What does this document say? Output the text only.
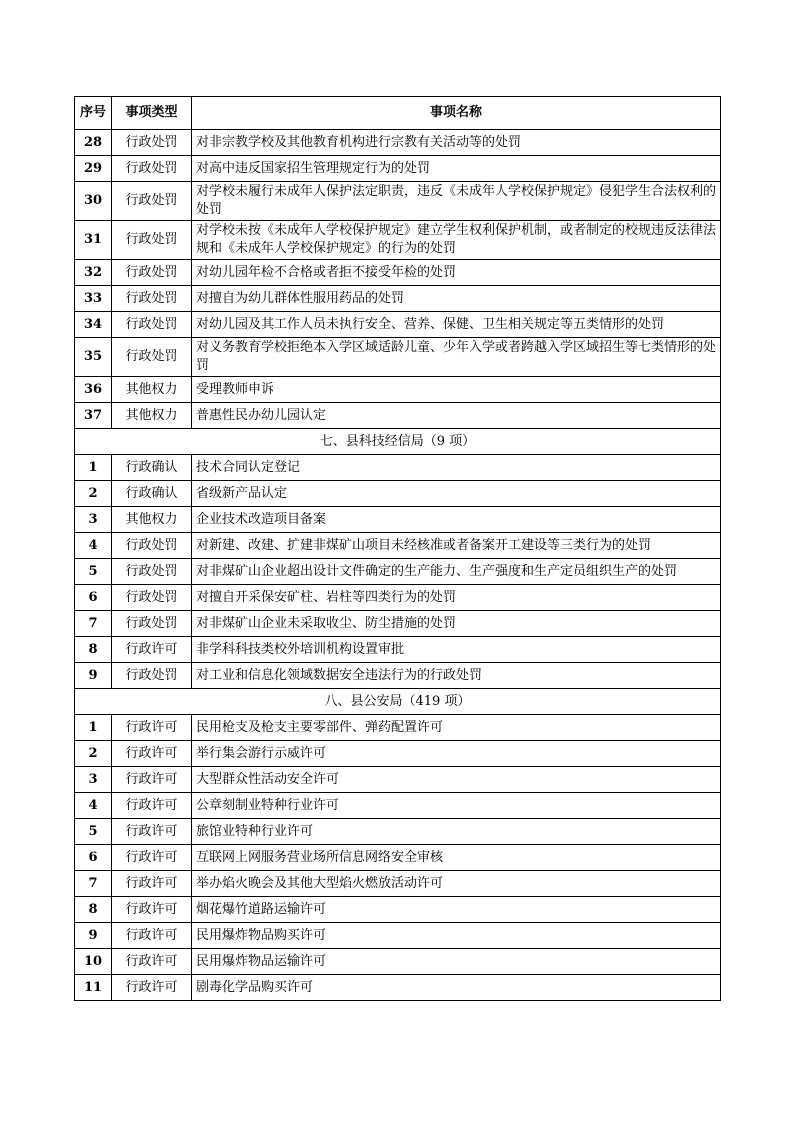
序号	事项类型	事项名称
28	行政处罚	对非宗教学校及其他教育机构进行宗教有关活动等的处罚
29	行政处罚	对高中违反国家招生管理规定行为的处罚
30	行政处罚	对学校未履行未成年人保护法定职责，违反《未成年人学校保护规定》侵犯学生合法权利的处罚
31	行政处罚	对学校未按《未成年人学校保护规定》建立学生权利保护机制，或者制定的校规违反法律法规和《未成年人学校保护规定》的行为的处罚
32	行政处罚	对幼儿园年检不合格或者拒不接受年检的处罚
33	行政处罚	对擅自为幼儿群体性服用药品的处罚
34	行政处罚	对幼儿园及其工作人员未执行安全、营养、保健、卫生相关规定等五类情形的处罚
35	行政处罚	对义务教育学校拒绝本入学区域适龄儿童、少年入学或者跨越入学区域招生等七类情形的处罚
36	其他权力	受理教师申诉
37	其他权力	普惠性民办幼儿园认定
七、县科技经信局（9 项）		
1	行政确认	技术合同认定登记
2	行政确认	省级新产品认定
3	其他权力	企业技术改造项目备案
4	行政处罚	对新建、改建、扩建非煤矿山项目未经核准或者备案开工建设等三类行为的处罚
5	行政处罚	对非煤矿山企业超出设计文件确定的生产能力、生产强度和生产定员组织生产的处罚
6	行政处罚	对擅自开采保安矿柱、岩柱等四类行为的处罚
7	行政处罚	对非煤矿山企业未采取收尘、防尘措施的处罚
8	行政许可	非学科科技类校外培训机构设置审批
9	行政处罚	对工业和信息化领域数据安全违法行为的行政处罚
八、县公安局（419 项）		
1	行政许可	民用枪支及枪支主要零部件、弹药配置许可
2	行政许可	举行集会游行示威许可
3	行政许可	大型群众性活动安全许可
4	行政许可	公章刻制业特种行业许可
5	行政许可	旅馆业特种行业许可
6	行政许可	互联网上网服务营业场所信息网络安全审核
7	行政许可	举办焰火晚会及其他大型焰火燃放活动许可
8	行政许可	烟花爆竹道路运输许可
9	行政许可	民用爆炸物品购买许可
10	行政许可	民用爆炸物品运输许可
11	行政许可	剧毒化学品购买许可
